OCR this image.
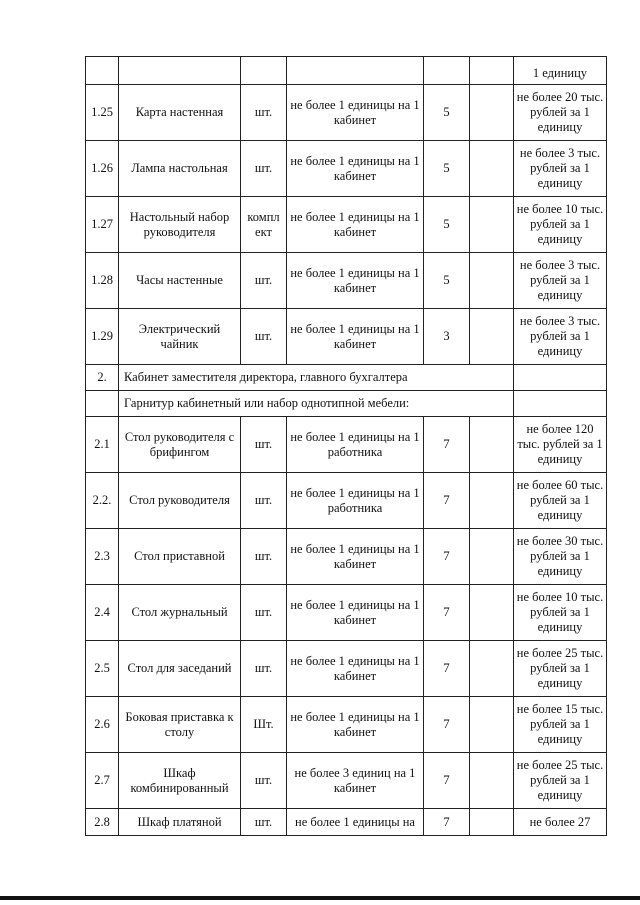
						1 единицу
1.25	Карта настенная	шт.	не более 1 единицы на 1 кабинет	5		не более 20 тыс. рублей за 1 единицу
1.26	Лампа настольная	шт.	не более 1 единицы на 1 кабинет	5		не более 3 тыс. рублей за 1 единицу
1.27	Настольный набор руководителя	компл ект	не более 1 единицы на 1 кабинет	5		не более 10 тыс. рублей за 1 единицу
1.28	Часы настенные	шт.	не более 1 единицы на 1 кабинет	5		не более 3 тыс. рублей за 1 единицу
1.29	Электрический чайник	шт.	не более 1 единицы на 1 кабинет	3		не более 3 тыс. рублей за 1 единицу
2.	Кабинет заместителя директора, главного бухгалтера					
	Гарнитур кабинетный или набор однотипной мебели:					
2.1	Стол руководителя с брифингом	шт.	не более 1 единицы на 1 работника	7		не более 120 тыс. рублей за 1 единицу
2.2.	Стол руководителя	шт.	не более 1 единицы на 1 работника	7		не более 60 тыс. рублей за 1 единицу
2.3	Стол приставной	шт.	не более 1 единицы на 1 кабинет	7		не более 30 тыс. рублей за 1 единицу
2.4	Стол журнальный	шт.	не более 1 единицы на 1 кабинет	7		не более 10 тыс. рублей за 1 единицу
2.5	Стол для заседаний	шт.	не более 1 единицы на 1 кабинет	7		не более 25 тыс. рублей за 1 единицу
2.6	Боковая приставка к столу	Шт.	не более 1 единицы на 1 кабинет	7		не более 15 тыс. рублей за 1 единицу
2.7	Шкаф комбинированный	шт.	не более 3 единиц на 1 кабинет	7		не более 25 тыс. рублей за 1 единицу
2.8	Шкаф платяной	шт.	не более 1 единицы на	7		не более 27
